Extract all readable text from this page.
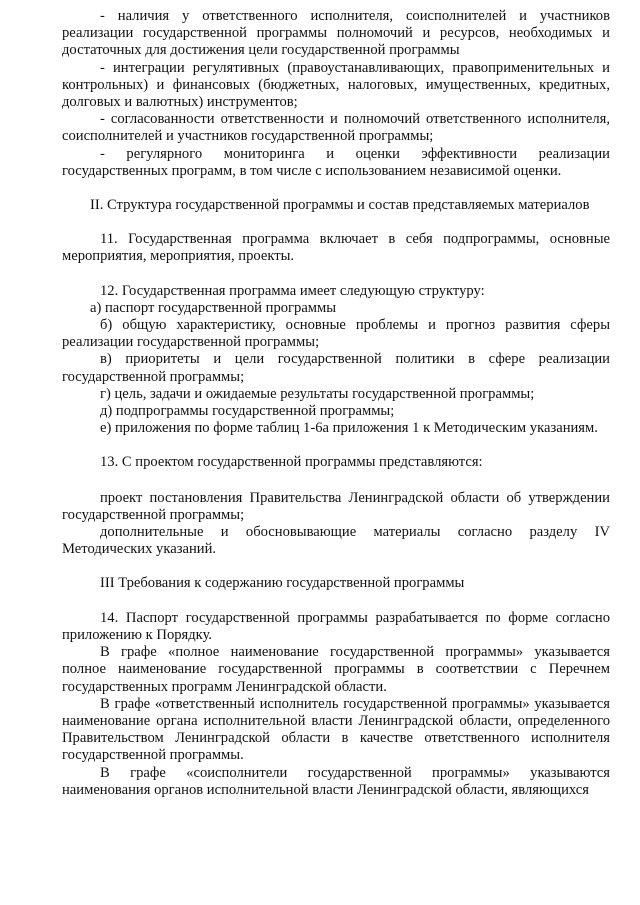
- наличия у ответственного исполнителя, соисполнителей и участников реализации государственной программы полномочий и ресурсов, необходимых и достаточных для достижения цели государственной программы

- интеграции регулятивных (правоустанавливающих, правоприменительных и контрольных) и финансовых (бюджетных, налоговых, имущественных, кредитных, долговых и валютных) инструментов;

- согласованности ответственности и полномочий ответственного исполнителя, соисполнителей и участников государственной программы;

- регулярного мониторинга и оценки эффективности реализации государственных программ, в том числе с использованием независимой оценки.

II. Структура государственной программы и состав представляемых материалов

11. Государственная программа включает в себя подпрограммы, основные мероприятия, мероприятия, проекты.

12. Государственная программа имеет следующую структуру:

а) паспорт государственной программы

б) общую характеристику, основные проблемы и прогноз развития сферы реализации государственной программы;

в) приоритеты и цели государственной политики в сфере реализации государственной программы;

г) цель, задачи и ожидаемые результаты государственной программы;

д) подпрограммы государственной программы;

е) приложения по форме таблиц 1-6а приложения 1 к Методическим указаниям.

13. С проектом государственной программы представляются:

проект постановления Правительства Ленинградской области об утверждении государственной программы;

дополнительные и обосновывающие материалы согласно разделу IV Методических указаний.

III Требования к содержанию государственной программы

14. Паспорт государственной программы разрабатывается по форме согласно приложению к Порядку.

В графе «полное наименование государственной программы» указывается полное наименование государственной программы в соответствии с Перечнем государственных программ Ленинградской области.

В графе «ответственный исполнитель государственной программы» указывается наименование органа исполнительной власти Ленинградской области, определенного Правительством Ленинградской области в качестве ответственного исполнителя государственной программы.

В графе «соисполнители государственной программы» указываются наименования органов исполнительной власти Ленинградской области, являющихся
